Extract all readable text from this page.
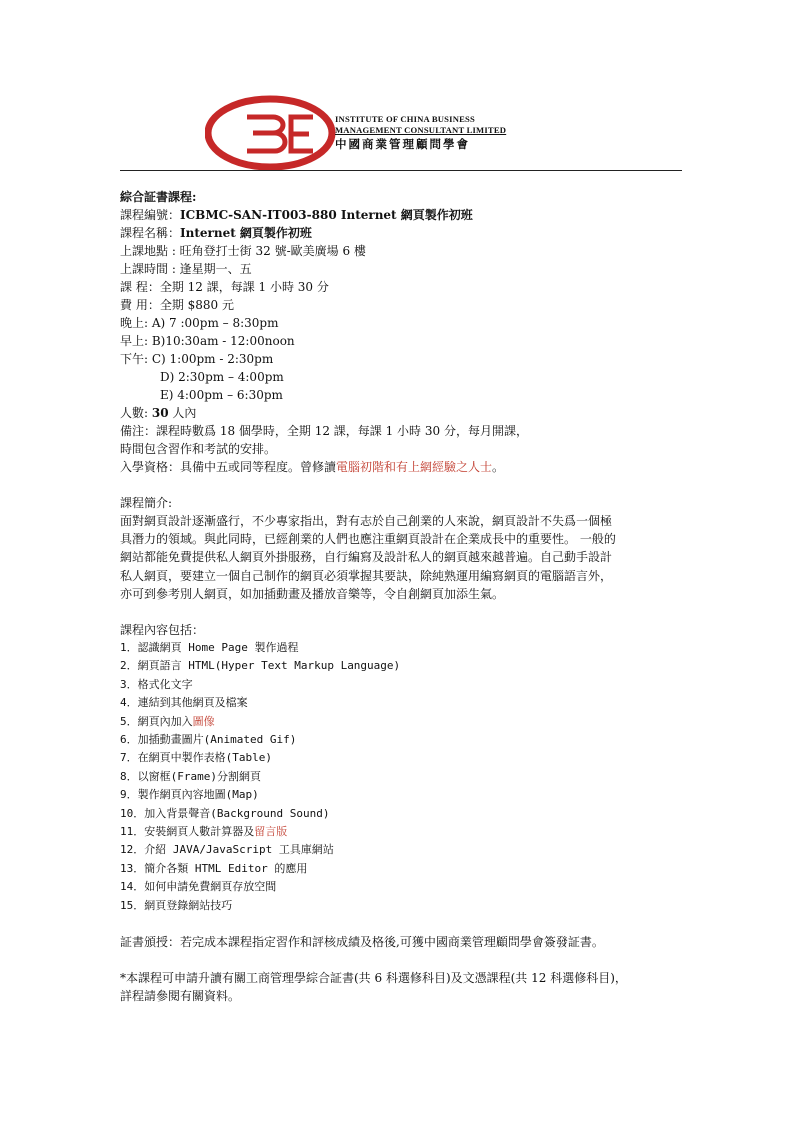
INSTITUTE OF CHINA BUSINESS
MANAGEMENT CONSULTANT LIMITED
中國商業管理顧問學會
綜合証書課程:
課程編號：ICBMC-SAN-IT003-880 Internet 網頁製作初班
課程名稱：Internet 網頁製作初班
上課地點 : 旺角登打士街 32 號-歐美廣場 6 樓
上課時間 : 逢星期一、五
課 程：全期 12 課，每課 1 小時 30 分
費 用：全期 $880 元
晚上: A) 7 :00pm – 8:30pm
早上: B)10:30am - 12:00noon
下午: C) 1:00pm - 2:30pm
D) 2:30pm – 4:00pm
E) 4:00pm – 6:30pm
人數: 30 人內
備注：課程時數爲 18 個學時，全期 12 課，每課 1 小時 30 分，每月開課，
時間包含習作和考試的安排。
入學資格：具備中五或同等程度。曾修讀電腦初階和有上網經驗之人士。
課程簡介:
面對網頁設計逐漸盛行，不少專家指出，對有志於自己創業的人來說，網頁設計不失爲一個極
具潛力的領域。與此同時，已經創業的人們也應注重網頁設計在企業成長中的重要性。 一般的
網站都能免費提供私人網頁外掛服務，自行編寫及設計私人的網頁越來越普遍。自己動手設計
私人網頁，要建立一個自己制作的網頁必須掌握其要訣，除純熟運用編寫網頁的電腦語言外，
亦可到參考別人網頁，如加插動畫及播放音樂等，令自創網頁加添生氣。
課程內容包括：
1．認識網頁 Home Page 製作過程
2．網頁語言 HTML(Hyper Text Markup Language)
3．格式化文字
4．連結到其他網頁及檔案
5．網頁內加入圖像
6．加插動畫圖片(Animated Gif)
7．在網頁中製作表格(Table)
8．以窗框(Frame)分割網頁
9．製作網頁內容地圖(Map)
10．加入背景聲音(Background Sound)
11．安裝網頁人數計算器及留言版
12．介紹 JAVA/JavaScript 工具庫網站
13．簡介各類 HTML Editor 的應用
14．如何申請免費網頁存放空間
15．網頁登錄網站技巧
証書頒授：若完成本課程指定習作和評核成績及格後,可獲中國商業管理顧問學會簽發証書。
*本課程可申請升讀有關工商管理學綜合証書(共 6 科選修科目)及文憑課程(共 12 科選修科目)，
詳程請參閱有關資料。
